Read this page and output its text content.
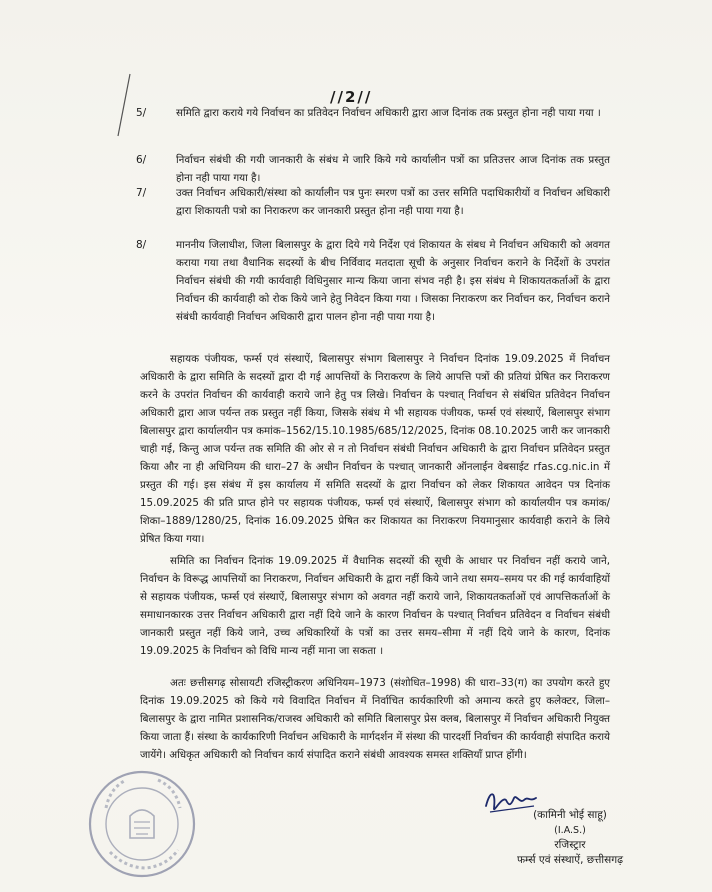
//2//
5/	समिति द्वारा कराये गये निर्वाचन का प्रतिवेदन निर्वाचन अधिकारी द्वारा आज दिनांक तक प्रस्तुत होना नही पाया गया ।
6/	निर्वाचन संबंधी की गयी जानकारी के संबंध मे जारि किये गये कार्यालीन पत्रों का प्रतिउत्तर आज दिनांक तक प्रस्तुत होना नही पाया गया है।
7/	उक्त निर्वाचन अधिकारी/संस्था को कार्यालीन पत्र पुनः स्मरण पत्रों का उत्तर समिति पदाधिकारीयों व निर्वाचन अधिकारी द्वारा शिकायती पत्रो का निराकरण कर जानकारी प्रस्तुत होना नही पाया गया है।
8/	माननीय जिलाधीश, जिला बिलासपुर के द्वारा दिये गये निर्देश एवं शिकायत के संबध मे निर्वाचन अधिकारी को अवगत कराया गया तथा वैधानिक सदस्यों के बीच निर्विवाद मतदाता सूची के अनुसार निर्वाचन कराने के निर्देशों के उपरांत निर्वाचन संबंधी की गयी कार्यवाही विधिनुसार मान्य किया जाना संभव नही है। इस संबंध मे शिकायतकर्ताओं के द्वारा निर्वाचन की कार्यवाही को रोक किये जाने हेतु निवेदन किया गया । जिसका निराकरण कर निर्वाचन कर, निर्वाचन कराने संबंधी कार्यवाही निर्वाचन अधिकारी द्वारा पालन होना नही पाया गया है।
सहायक पंजीयक, फर्म्स एवं संस्थाऐं, बिलासपुर संभाग बिलासपुर ने निर्वाचन दिनांक 19.09.2025 में निर्वाचन अधिकारी के द्वारा समिति के सदस्यों द्वारा दी गई आपत्तियों के निराकरण के लिये आपत्ति पत्रों की प्रतियां प्रेषित कर निराकरण करने के उपरांत निर्वाचन की कार्यवाही कराये जाने हेतु पत्र लिखे। निर्वाचन के पश्चात् निर्वाचन से संबंधित प्रतिवेदन निर्वाचन अधिकारी द्वारा आज पर्यन्त तक प्रस्तुत नहीं किया, जिसके संबंध मे भी सहायक पंजीयक, फर्म्स एवं संस्थाऐं, बिलासपुर संभाग बिलासपुर द्वारा कार्यालयीन पत्र कमांक–1562/15.10.1985/685/12/2025, दिनांक 08.10.2025 जारी कर जानकारी चाही गई, किन्तु आज पर्यन्त तक समिति की ओर से न तो निर्वाचन संबंधी निर्वाचन अधिकारी के द्वारा निर्वाचन प्रतिवेदन प्रस्तुत किया और ना ही अधिनियम की धारा–27 के अधीन निर्वाचन के पश्चात् जानकारी ऑनलाईन वेबसाईट rfas.cg.nic.in में प्रस्तुत की गई। इस संबंध में इस कार्यालय में समिति सदस्यों के द्वारा निर्वाचन को लेकर शिकायत आवेदन पत्र दिनांक 15.09.2025 की प्रति प्राप्त होने पर सहायक पंजीयक, फर्म्स एवं संस्थाऐं, बिलासपुर संभाग को कार्यालयीन पत्र कमांक/शिका–1889/1280/25, दिनांक 16.09.2025 प्रेषित कर शिकायत का निराकरण नियमानुसार कार्यवाही कराने के लिये प्रेषित किया गया।
समिति का निर्वाचन दिनांक 19.09.2025 में वैधानिक सदस्यों की सूची के आधार पर निर्वाचन नहीं कराये जाने, निर्वाचन के विरूद्ध आपत्तियों का निराकरण, निर्वाचन अधिकारी के द्वारा नहीं किये जाने तथा समय–समय पर की गई कार्यवाहियों से सहायक पंजीयक, फर्म्स एवं संस्थाऐं, बिलासपुर संभाग को अवगत नहीं कराये जाने, शिकायतकर्ताओं एवं आपत्तिकर्ताओं के समाधानकारक उत्तर निर्वाचन अधिकारी द्वारा नहीं दिये जाने के कारण निर्वाचन के पश्चात् निर्वाचन प्रतिवेदन व निर्वाचन संबंधी जानकारी प्रस्तुत नहीं किये जाने, उच्च अधिकारियों के पत्रों का उत्तर समय–सीमा में नहीं दिये जाने के कारण, दिनांक 19.09.2025 के निर्वाचन को विधि मान्य नहीं माना जा सकता ।
अतः छत्तीसगढ़ सोसायटी रजिस्ट्रीकरण अधिनियम–1973 (संशोधित–1998) की धारा–33(ग) का उपयोग करते हुए दिनांक 19.09.2025 को किये गये विवादित निर्वाचन में निर्वाचित कार्यकारिणी को अमान्य करते हुए कलेक्टर, जिला–बिलासपुर के द्वारा नामित प्रशासनिक/राजस्व अधिकारी को समिति बिलासपुर प्रेस क्लब, बिलासपुर में निर्वाचन अधिकारी नियुक्त किया जाता हैं। संस्था के कार्यकारिणी निर्वाचन अधिकारी के मार्गदर्शन में संस्था की पारदर्शी निर्वाचन की कार्यवाही संपादित कराये जायेंगे। अधिकृत अधिकारी को निर्वाचन कार्य संपादित कराने संबंधी आवश्यक समस्त शक्तियाँ प्राप्त होंगी।
(कामिनी भोई साहू)
(I.A.S.)
रजिस्ट्रार
फर्म्स एवं संस्थाऐं, छत्तीसगढ़
